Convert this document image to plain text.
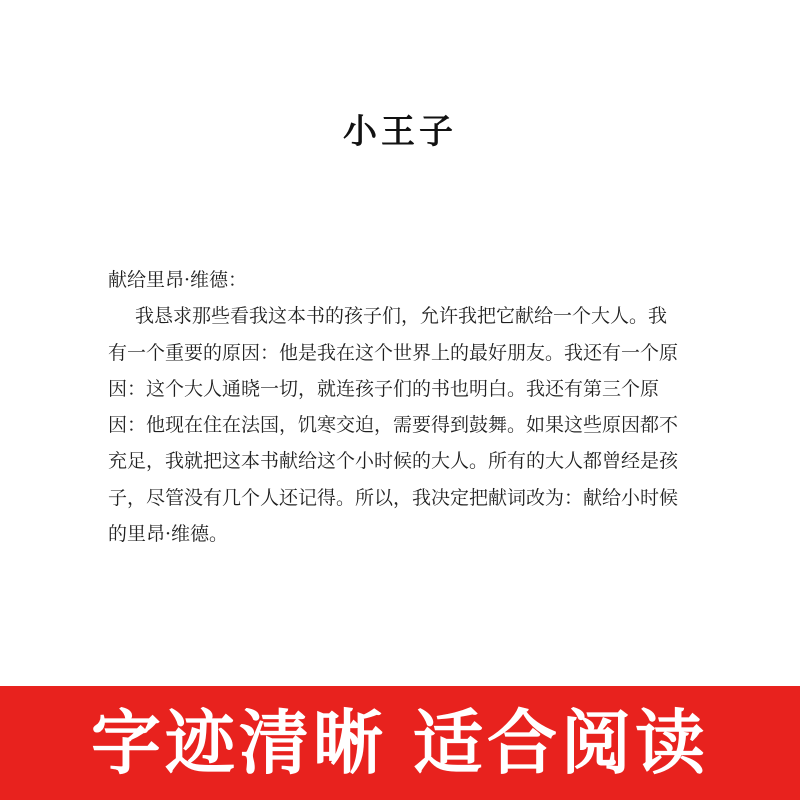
小王子
献给里昂·维德：
我恳求那些看我这本书的孩子们，允许我把它献给一个大人。我
有一个重要的原因：他是我在这个世界上的最好朋友。我还有一个原
因：这个大人通晓一切，就连孩子们的书也明白。我还有第三个原
因：他现在住在法国，饥寒交迫，需要得到鼓舞。如果这些原因都不
充足，我就把这本书献给这个小时候的大人。所有的大人都曾经是孩
子，尽管没有几个人还记得。所以，我决定把献词改为：献给小时候
的里昂·维德。
字迹清晰 适合阅读
